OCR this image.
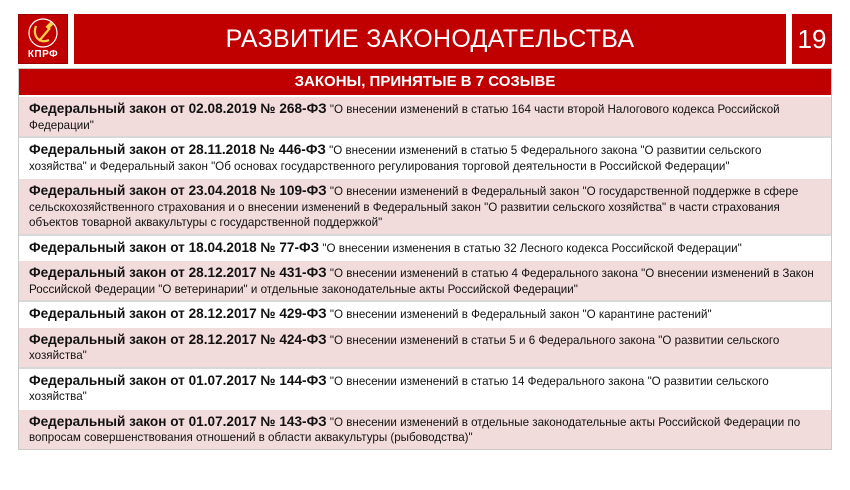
КПРФ
РАЗВИТИЕ ЗАКОНОДАТЕЛЬСТВА	19
ЗАКОНЫ, ПРИНЯТЫЕ В 7 СОЗЫВЕ
Федеральный закон от 02.08.2019 № 268-ФЗ "О внесении изменений в статью 164 части второй Налогового кодекса Российской Федерации"
Федеральный закон от 28.11.2018 № 446-ФЗ "О внесении изменений в статью 5 Федерального закона "О развитии сельского хозяйства" и Федеральный закон "Об основах государственного регулирования торговой деятельности в Российской Федерации"
Федеральный закон от 23.04.2018 № 109-ФЗ "О внесении изменений в Федеральный закон "О государственной поддержке в сфере сельскохозяйственного страхования и о внесении изменений в Федеральный закон "О развитии сельского хозяйства" в части страхования объектов товарной аквакультуры с государственной поддержкой"
Федеральный закон от 18.04.2018 № 77-ФЗ "О внесении изменения в статью 32 Лесного кодекса Российской Федерации"
Федеральный закон от 28.12.2017 № 431-ФЗ "О внесении изменений в статью 4 Федерального закона "О внесении изменений в Закон Российской Федерации "О ветеринарии" и отдельные законодательные акты Российской Федерации"
Федеральный закон от 28.12.2017 № 429-ФЗ "О внесении изменений в Федеральный закон "О карантине растений"
Федеральный закон от 28.12.2017 № 424-ФЗ "О внесении изменений в статьи 5 и 6 Федерального закона "О развитии сельского хозяйства"
Федеральный закон от 01.07.2017 № 144-ФЗ "О внесении изменений в статью 14 Федерального закона "О развитии сельского хозяйства"
Федеральный закон от 01.07.2017 № 143-ФЗ "О внесении изменений в отдельные законодательные акты Российской Федерации по вопросам совершенствования отношений в области аквакультуры (рыбоводства)"
